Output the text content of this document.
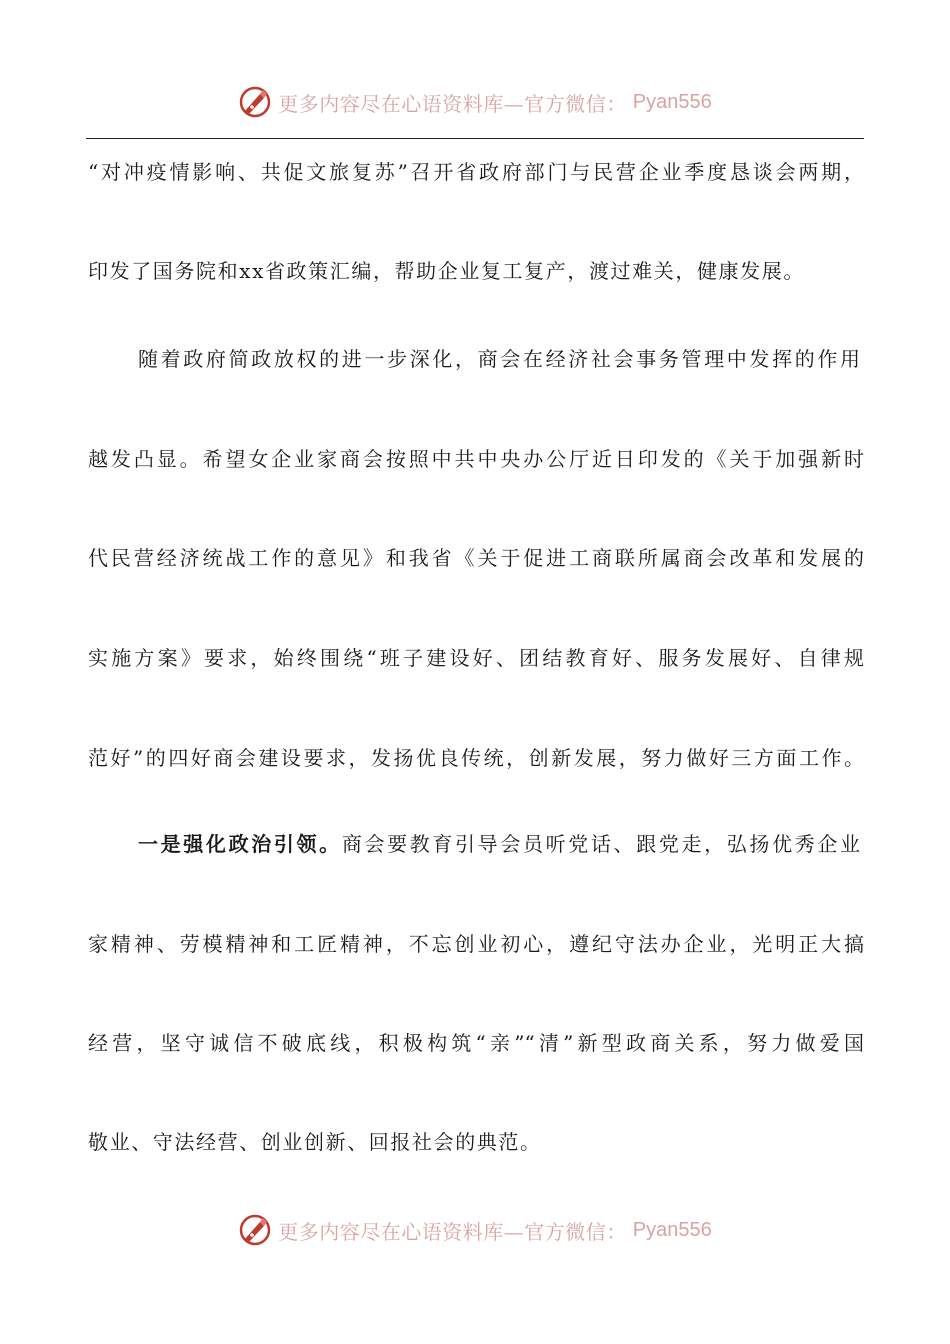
更多内容尽在心语资料库—官方微信： Pyan556
“对冲疫情影响、共促文旅复苏”召开省政府部门与民营企业季度恳谈会两期，
印发了国务院和xx省政策汇编，帮助企业复工复产，渡过难关，健康发展。
随着政府简政放权的进一步深化，商会在经济社会事务管理中发挥的作用
越发凸显。希望女企业家商会按照中共中央办公厅近日印发的《关于加强新时
代民营经济统战工作的意见》和我省《关于促进工商联所属商会改革和发展的
实施方案》要求，始终围绕“班子建设好、团结教育好、服务发展好、自律规
范好”的四好商会建设要求，发扬优良传统，创新发展，努力做好三方面工作。
一是强化政治引领。商会要教育引导会员听党话、跟党走，弘扬优秀企业
家精神、劳模精神和工匠精神，不忘创业初心，遵纪守法办企业，光明正大搞
经营，坚守诚信不破底线，积极构筑“亲”“清”新型政商关系，努力做爱国
敬业、守法经营、创业创新、回报社会的典范。
更多内容尽在心语资料库—官方微信： Pyan556
